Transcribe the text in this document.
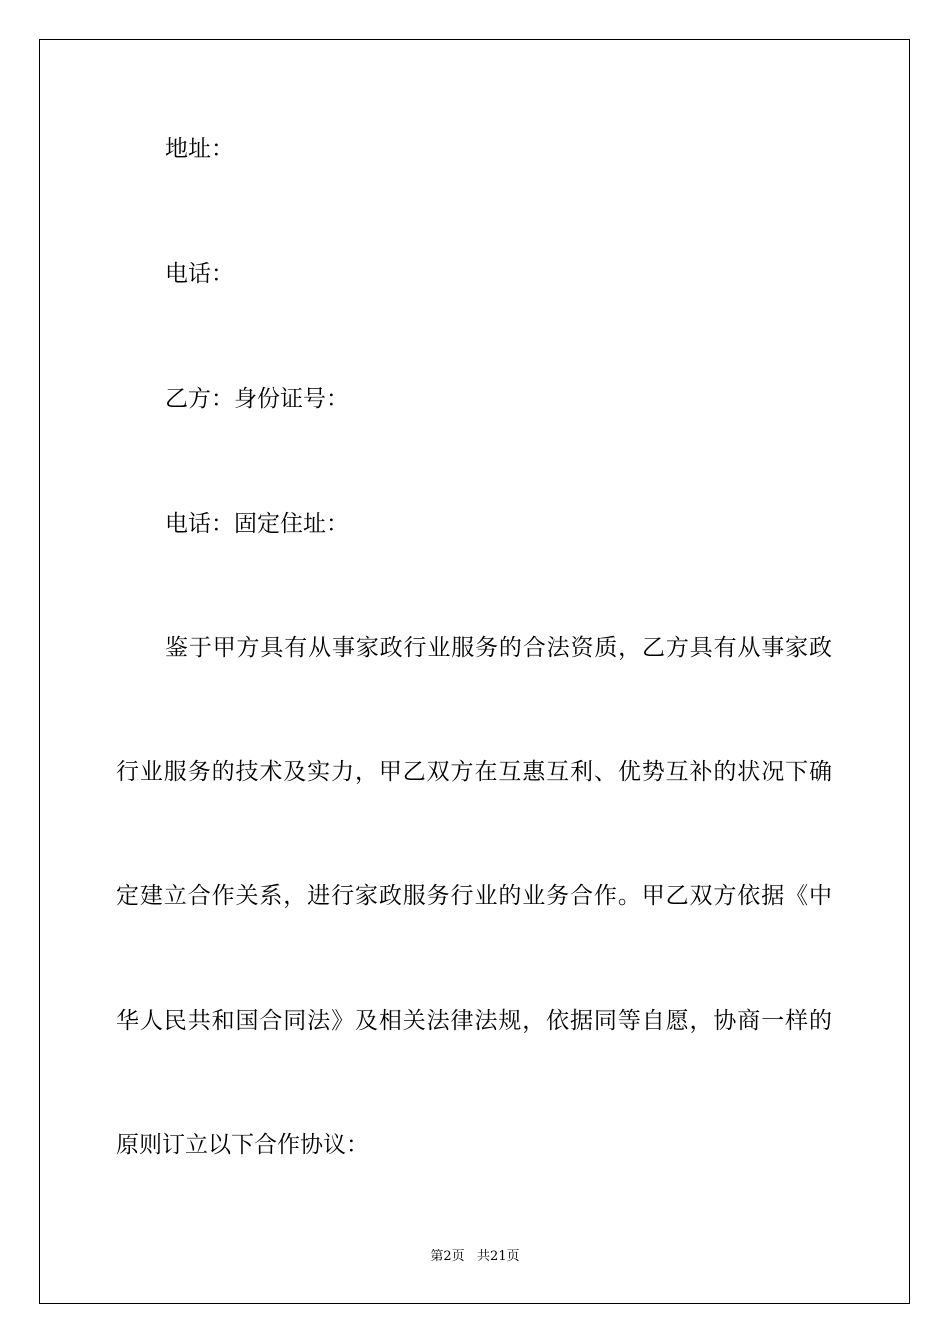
地址：

电话：

乙方：身份证号：

电话：固定住址：

鉴于甲方具有从事家政行业服务的合法资质，乙方具有从事家政

行业服务的技术及实力，甲乙双方在互惠互利、优势互补的状况下确

定建立合作关系，进行家政服务行业的业务合作。甲乙双方依据《中

华人民共和国合同法》及相关法律法规，依据同等自愿，协商一样的

原则订立以下合作协议：

第2页   共21页
